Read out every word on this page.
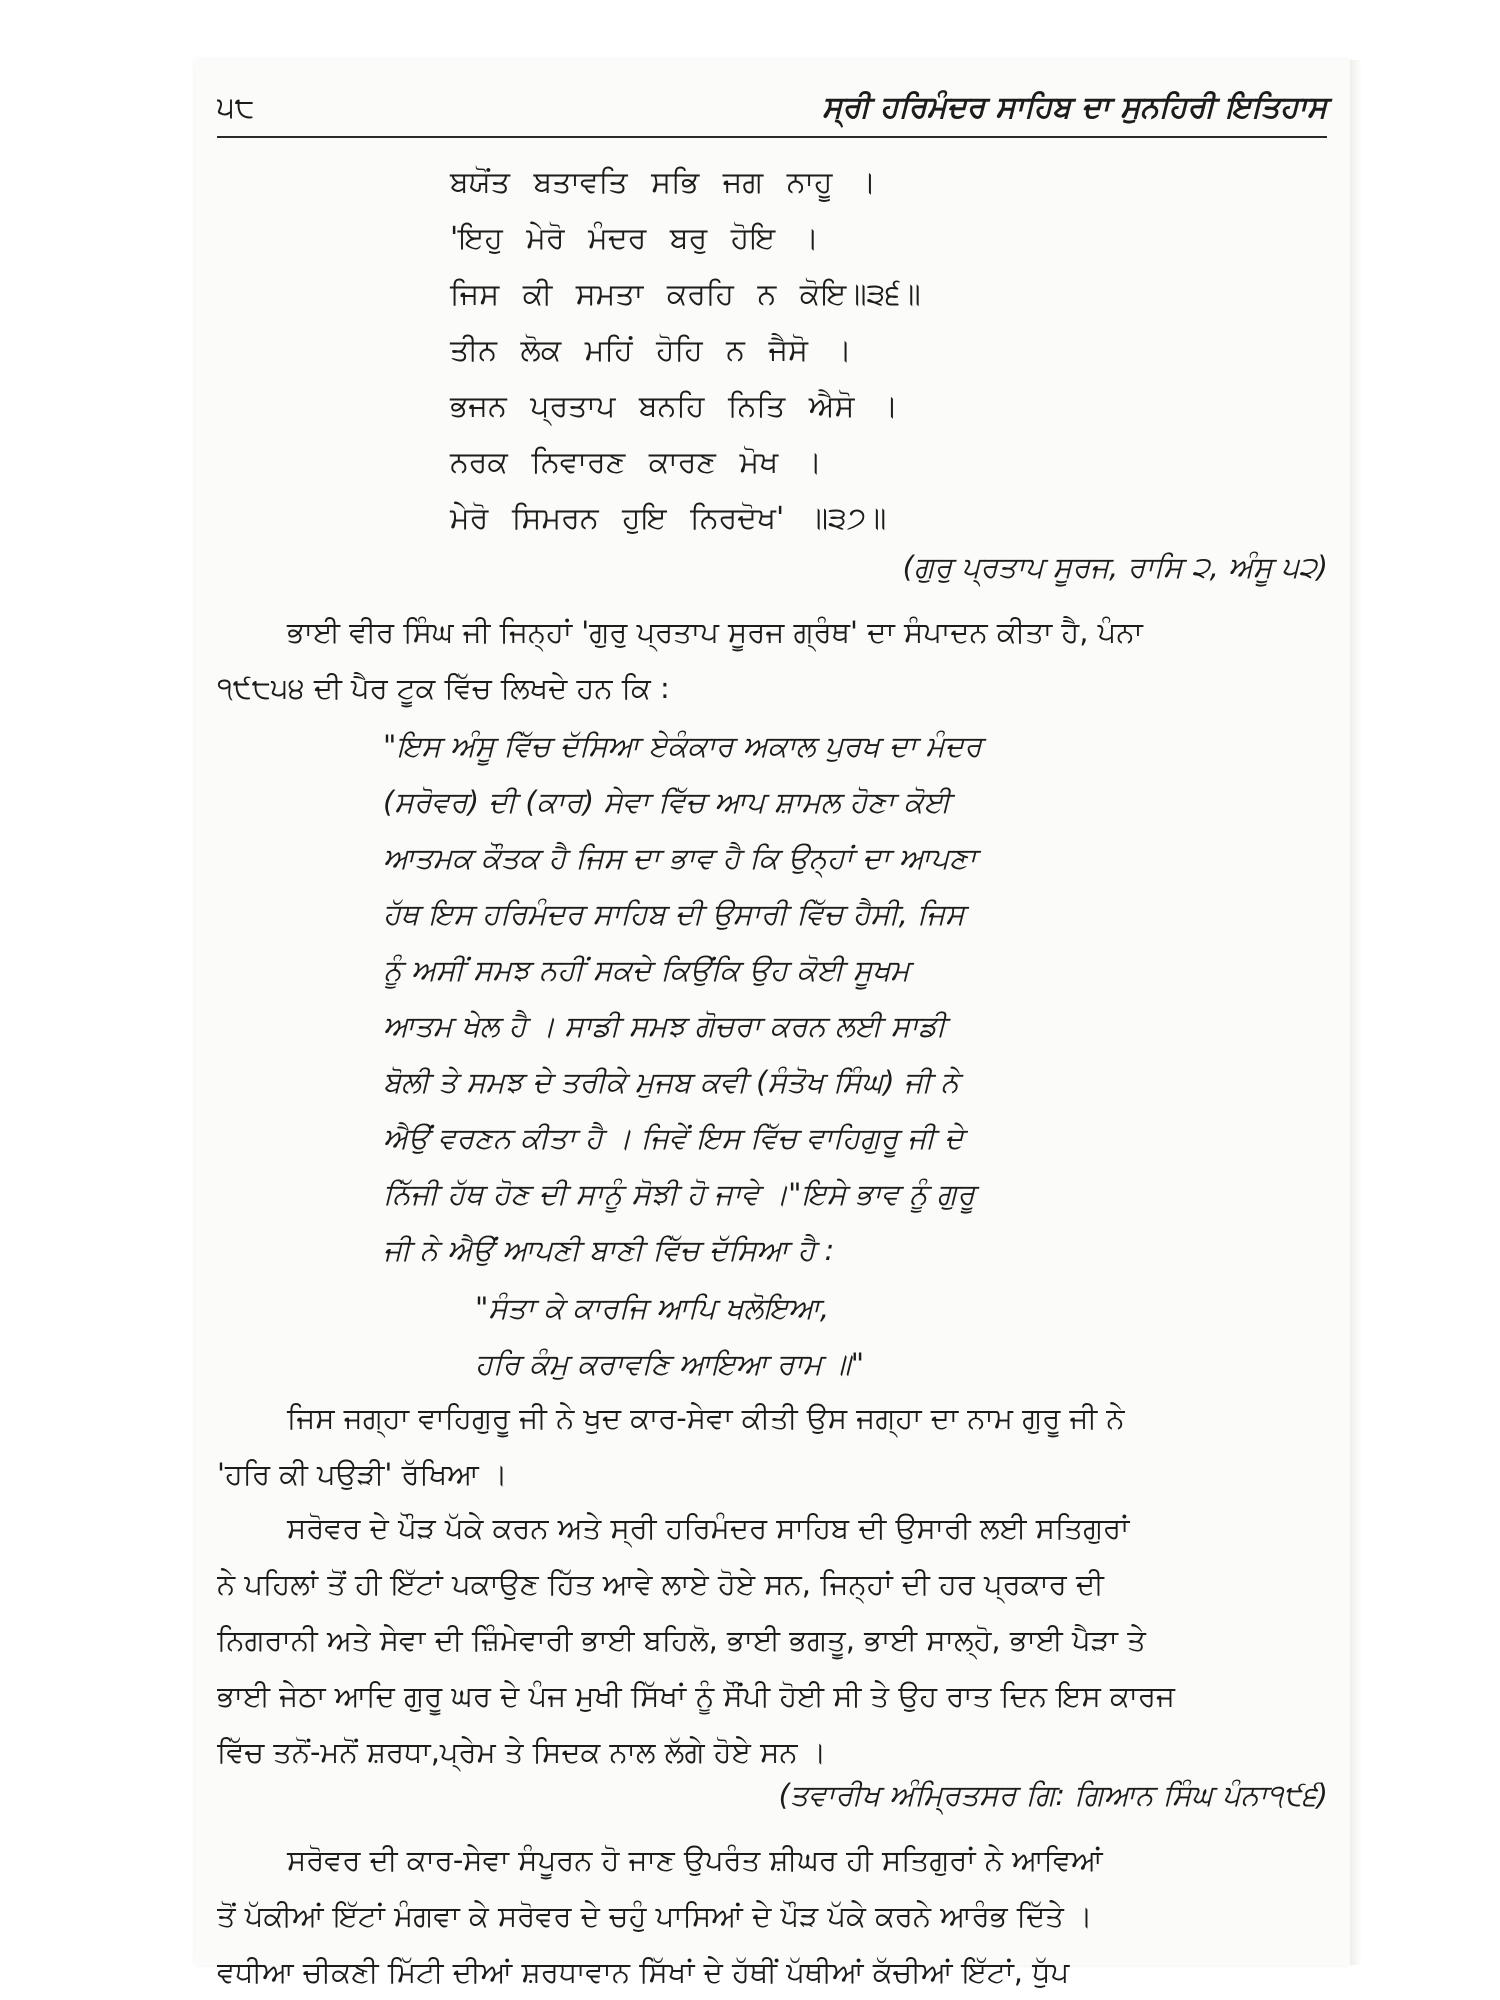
੫੮	ਸ੍ਰੀ ਹਰਿਮੰਦਰ ਸਾਹਿਬ ਦਾ ਸੁਨਹਿਰੀ ਇਤਿਹਾਸ
ਬਯੋਂਤ ਬਤਾਵਤਿ ਸਭਿ ਜਗ ਨਾਹੂ ।
'ਇਹੁ ਮੇਰੋ ਮੰਦਰ ਬਰੁ ਹੋਇ ।
ਜਿਸ ਕੀ ਸਮਤਾ ਕਰਹਿ ਨ ਕੋਇ॥੩੬॥
ਤੀਨ ਲੋਕ ਮਹਿਂ ਹੋਹਿ ਨ ਜੈਸੋ ।
ਭਜਨ ਪ੍ਰਤਾਪ ਬਨਹਿ ਨਿਤਿ ਐਸੋ ।
ਨਰਕ ਨਿਵਾਰਣ ਕਾਰਣ ਮੋਖ ।
ਮੇਰੋ ਸਿਮਰਨ ਹੁਇ ਨਿਰਦੋਖ' ॥੩੭॥
(ਗੁਰੁ ਪ੍ਰਤਾਪ ਸੂਰਜ, ਰਾਸਿ ੨, ਅੰਸੂ ੫੨)
ਭਾਈ ਵੀਰ ਸਿੰਘ ਜੀ ਜਿਨ੍ਹਾਂ 'ਗੁਰੁ ਪ੍ਰਤਾਪ ਸੂਰਜ ਗ੍ਰੰਥ' ਦਾ ਸੰਪਾਦਨ ਕੀਤਾ ਹੈ, ਪੰਨਾ
੧੯੮੫੪ ਦੀ ਪੈਰ ਟੂਕ ਵਿੱਚ ਲਿਖਦੇ ਹਨ ਕਿ :
"ਇਸ ਅੰਸੂ ਵਿੱਚ ਦੱਸਿਆ ਏਕੰਕਾਰ ਅਕਾਲ ਪੁਰਖ ਦਾ ਮੰਦਰ
(ਸਰੋਵਰ) ਦੀ (ਕਾਰ) ਸੇਵਾ ਵਿੱਚ ਆਪ ਸ਼ਾਮਲ ਹੋਣਾ ਕੋਈ
ਆਤਮਕ ਕੌਤਕ ਹੈ ਜਿਸ ਦਾ ਭਾਵ ਹੈ ਕਿ ਉਨ੍ਹਾਂ ਦਾ ਆਪਣਾ
ਹੱਥ ਇਸ ਹਰਿਮੰਦਰ ਸਾਹਿਬ ਦੀ ਉਸਾਰੀ ਵਿੱਚ ਹੈਸੀ, ਜਿਸ
ਨੂੰ ਅਸੀਂ ਸਮਝ ਨਹੀਂ ਸਕਦੇ ਕਿਉਂਕਿ ਉਹ ਕੋਈ ਸੂਖਮ
ਆਤਮ ਖੇਲ ਹੈ । ਸਾਡੀ ਸਮਝ ਗੋਚਰਾ ਕਰਨ ਲਈ ਸਾਡੀ
ਬੋਲੀ ਤੇ ਸਮਝ ਦੇ ਤਰੀਕੇ ਮੁਜਬ ਕਵੀ (ਸੰਤੋਖ ਸਿੰਘ) ਜੀ ਨੇ
ਐਉਂ ਵਰਣਨ ਕੀਤਾ ਹੈ । ਜਿਵੇਂ ਇਸ ਵਿੱਚ ਵਾਹਿਗੁਰੂ ਜੀ ਦੇ
ਨਿੱਜੀ ਹੱਥ ਹੋਣ ਦੀ ਸਾਨੂੰ ਸੋਝੀ ਹੋ ਜਾਵੇ ।"ਇਸੇ ਭਾਵ ਨੂੰ ਗੁਰੂ
ਜੀ ਨੇ ਐਉਂ ਆਪਣੀ ਬਾਣੀ ਵਿੱਚ ਦੱਸਿਆ ਹੈ :
"ਸੰਤਾ ਕੇ ਕਾਰਜਿ ਆਪਿ ਖਲੋਇਆ,
ਹਰਿ ਕੰਮੁ ਕਰਾਵਣਿ ਆਇਆ ਰਾਮ ॥"
ਜਿਸ ਜਗ੍ਹਾ ਵਾਹਿਗੁਰੂ ਜੀ ਨੇ ਖੁਦ ਕਾਰ-ਸੇਵਾ ਕੀਤੀ ਉਸ ਜਗ੍ਹਾ ਦਾ ਨਾਮ ਗੁਰੂ ਜੀ ਨੇ
'ਹਰਿ ਕੀ ਪਉੜੀ' ਰੱਖਿਆ ।
ਸਰੋਵਰ ਦੇ ਪੌੜ ਪੱਕੇ ਕਰਨ ਅਤੇ ਸ੍ਰੀ ਹਰਿਮੰਦਰ ਸਾਹਿਬ ਦੀ ਉਸਾਰੀ ਲਈ ਸਤਿਗੁਰਾਂ
ਨੇ ਪਹਿਲਾਂ ਤੋਂ ਹੀ ਇੱਟਾਂ ਪਕਾਉਣ ਹਿੱਤ ਆਵੇ ਲਾਏ ਹੋਏ ਸਨ, ਜਿਨ੍ਹਾਂ ਦੀ ਹਰ ਪ੍ਰਕਾਰ ਦੀ
ਨਿਗਰਾਨੀ ਅਤੇ ਸੇਵਾ ਦੀ ਜ਼ਿੰਮੇਵਾਰੀ ਭਾਈ ਬਹਿਲੋ, ਭਾਈ ਭਗਤੂ, ਭਾਈ ਸਾਲ੍ਹੋ, ਭਾਈ ਪੈੜਾ ਤੇ
ਭਾਈ ਜੇਠਾ ਆਦਿ ਗੁਰੂ ਘਰ ਦੇ ਪੰਜ ਮੁਖੀ ਸਿੱਖਾਂ ਨੂੰ ਸੌਂਪੀ ਹੋਈ ਸੀ ਤੇ ਉਹ ਰਾਤ ਦਿਨ ਇਸ ਕਾਰਜ
ਵਿੱਚ ਤਨੋਂ-ਮਨੋਂ ਸ਼ਰਧਾ,ਪ੍ਰੇਮ ਤੇ ਸਿਦਕ ਨਾਲ ਲੱਗੇ ਹੋਏ ਸਨ ।
(ਤਵਾਰੀਖ ਅੰਮ੍ਰਿਤਸਰ ਗਿ: ਗਿਆਨ ਸਿੰਘ ਪੰਨਾ੧੯੬)
ਸਰੋਵਰ ਦੀ ਕਾਰ-ਸੇਵਾ ਸੰਪੂਰਨ ਹੋ ਜਾਣ ਉਪਰੰਤ ਸ਼ੀਘਰ ਹੀ ਸਤਿਗੁਰਾਂ ਨੇ ਆਵਿਆਂ
ਤੋਂ ਪੱਕੀਆਂ ਇੱਟਾਂ ਮੰਗਵਾ ਕੇ ਸਰੋਵਰ ਦੇ ਚਹੁੰ ਪਾਸਿਆਂ ਦੇ ਪੌੜ ਪੱਕੇ ਕਰਨੇ ਆਰੰਭ ਦਿੱਤੇ ।
ਵਧੀਆ ਚੀਕਣੀ ਮਿੱਟੀ ਦੀਆਂ ਸ਼ਰਧਾਵਾਨ ਸਿੱਖਾਂ ਦੇ ਹੱਥੀਂ ਪੱਥੀਆਂ ਕੱਚੀਆਂ ਇੱਟਾਂ, ਧੁੱਪ
